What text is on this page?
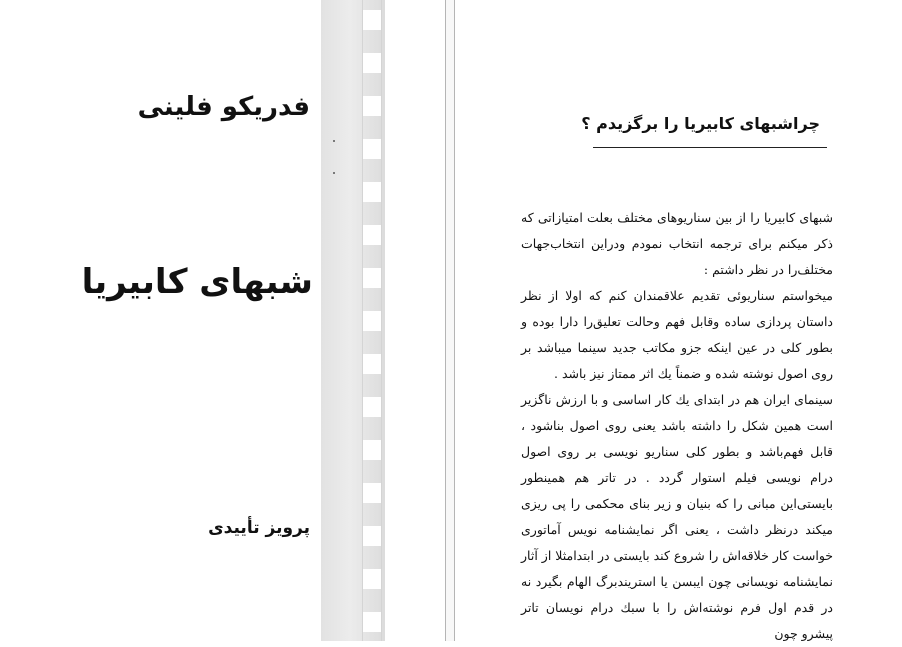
فدریکو فلینی
شبهای کابیریا
پرویز تأییدی
چراشبهای کابیریا را برگزیدم ؟

شبهای کابیریا را از بین سناریوهای مختلف بعلت امتیازاتی که ذکر میکنم برای ترجمه انتخاب نمودم ودراین انتخاب‌جهات مختلف‌را در نظر داشتم :

میخواستم سناریوئی تقدیم علاقمندان کنم که اولا از نظر داستان پردازی ساده وقابل فهم وحالت تعلیق‌را دارا بوده و بطور کلی در عین اینکه جزو مکاتب جدید سینما میباشد بر روی اصول نوشته شده و ضمناً یك اثر ممتاز نیز باشد .

سینمای ایران هم در ابتدای یك کار اساسی و با ارزش ناگزیر است همین شکل را داشته باشد یعنی روی اصول بناشود ، قابل فهم‌باشد و بطور کلی سناریو نویسی بر روی اصول درام نویسی فیلم استوار گردد . در تاتر هم همینطور بایستی‌این مبانی را که بنیان و زیر بنای محکمی را پی ریزی میکند درنظر داشت ، یعنی اگر نمایشنامه نویس آماتوری خواست کار خلاقه‌اش را شروع کند بایستی در ابتدامثلا از آثار نمایشنامه نویسانی چون ایبسن یا استریندبرگ الهام بگیرد نه در قدم اول فرم نوشته‌اش را با سبك درام نویسان تاتر پیشرو چون
